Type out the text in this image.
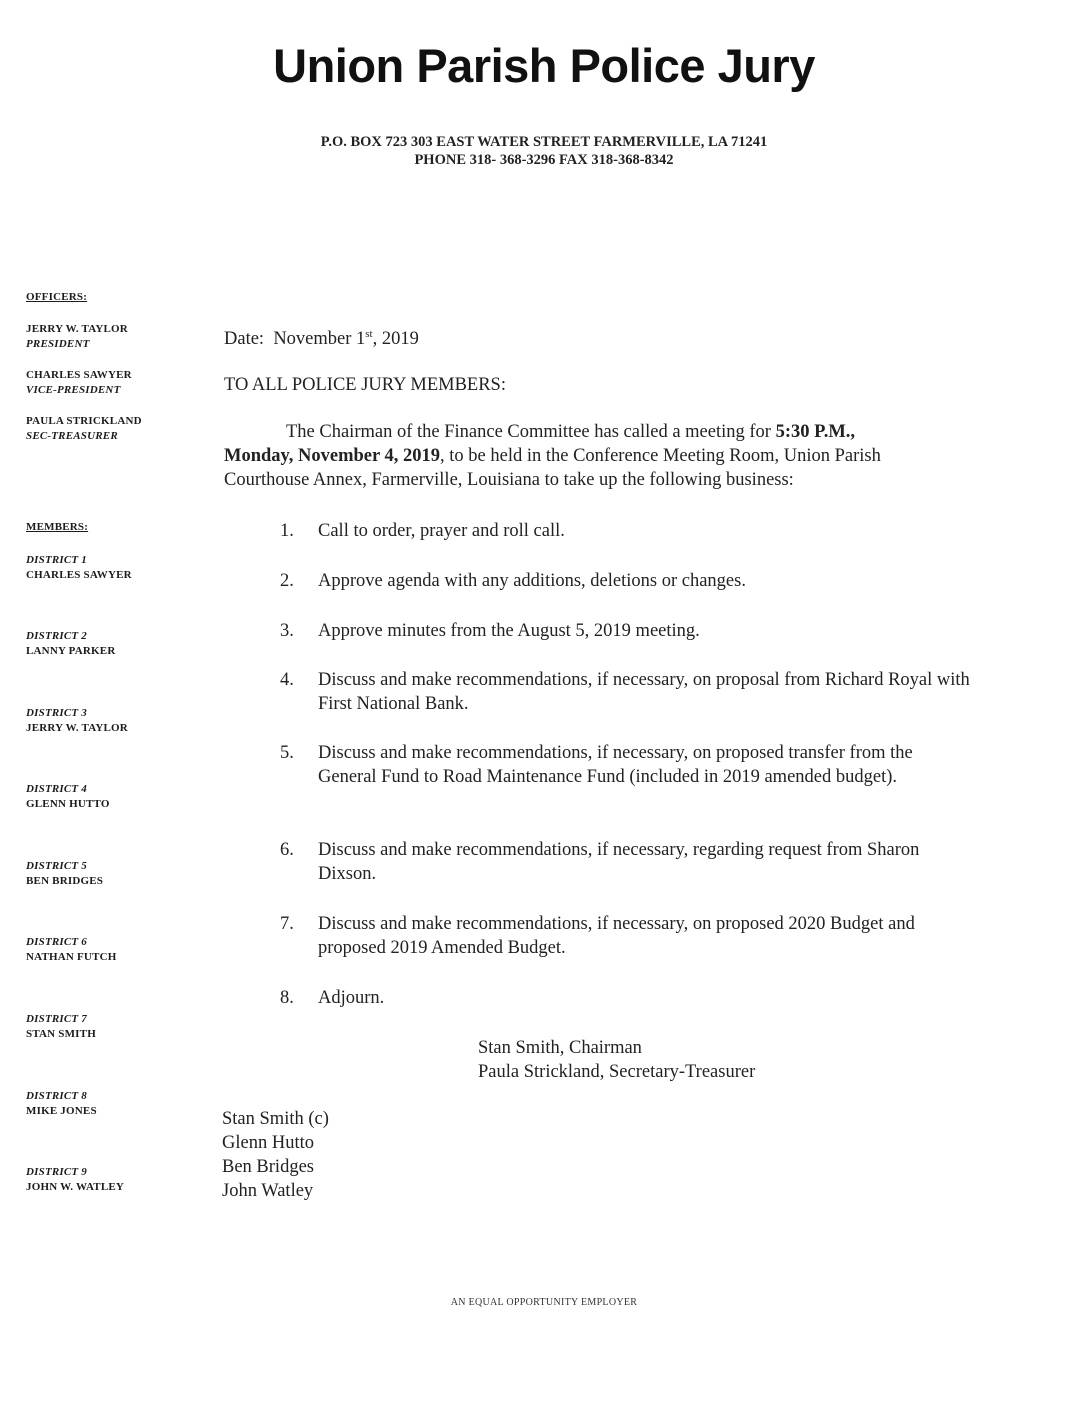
Union Parish Police Jury
P.O. BOX 723 303 EAST WATER STREET FARMERVILLE, LA 71241
PHONE 318- 368-3296 FAX 318-368-8342
OFFICERS:
JERRY W. TAYLOR
PRESIDENT
CHARLES SAWYER
VICE-PRESIDENT
PAULA STRICKLAND
SEC-TREASURER
MEMBERS:
DISTRICT 1
CHARLES SAWYER
DISTRICT 2
LANNY PARKER
DISTRICT 3
JERRY W. TAYLOR
DISTRICT 4
GLENN HUTTO
DISTRICT 5
BEN BRIDGES
DISTRICT 6
NATHAN FUTCH
DISTRICT 7
STAN SMITH
DISTRICT 8
MIKE JONES
DISTRICT 9
JOHN W. WATLEY
Date: November 1st, 2019
TO ALL POLICE JURY MEMBERS:
The Chairman of the Finance Committee has called a meeting for 5:30 P.M.,
Monday, November 4, 2019, to be held in the Conference Meeting Room, Union Parish Courthouse Annex, Farmerville, Louisiana to take up the following business:
1.	Call to order, prayer and roll call.
2.	Approve agenda with any additions, deletions or changes.
3.	Approve minutes from the August 5, 2019 meeting.
4.	Discuss and make recommendations, if necessary, on proposal from Richard Royal with First National Bank.
5.	Discuss and make recommendations, if necessary, on proposed transfer from the General Fund to Road Maintenance Fund (included in 2019 amended budget).
6.	Discuss and make recommendations, if necessary, regarding request from Sharon Dixson.
7.	Discuss and make recommendations, if necessary, on proposed 2020 Budget and proposed 2019 Amended Budget.
8.	Adjourn.
Stan Smith, Chairman
Paula Strickland, Secretary-Treasurer
Stan Smith (c)
Glenn Hutto
Ben Bridges
John Watley
AN EQUAL OPPORTUNITY EMPLOYER
